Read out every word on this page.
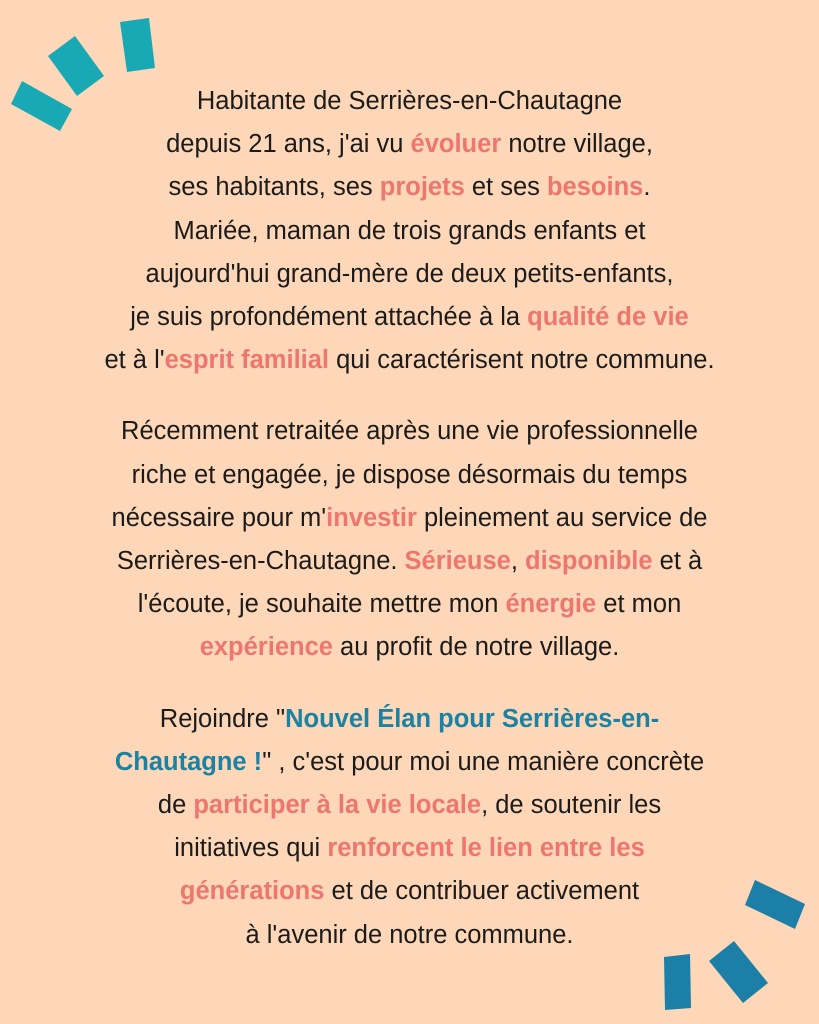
Habitante de Serrières-en-Chautagne
depuis 21 ans, j'ai vu évoluer notre village,
ses habitants, ses projets et ses besoins.
Mariée, maman de trois grands enfants et
aujourd'hui grand-mère de deux petits-enfants,
je suis profondément attachée à la qualité de vie
et à l'esprit familial qui caractérisent notre commune.
Récemment retraitée après une vie professionnelle
riche et engagée, je dispose désormais du temps
nécessaire pour m'investir pleinement au service de
Serrières-en-Chautagne. Sérieuse, disponible et à
l'écoute, je souhaite mettre mon énergie et mon
expérience au profit de notre village.
Rejoindre "Nouvel Élan pour Serrières-en-
Chautagne !" , c'est pour moi une manière concrète
de participer à la vie locale, de soutenir les
initiatives qui renforcent le lien entre les
générations et de contribuer activement
à l'avenir de notre commune.
